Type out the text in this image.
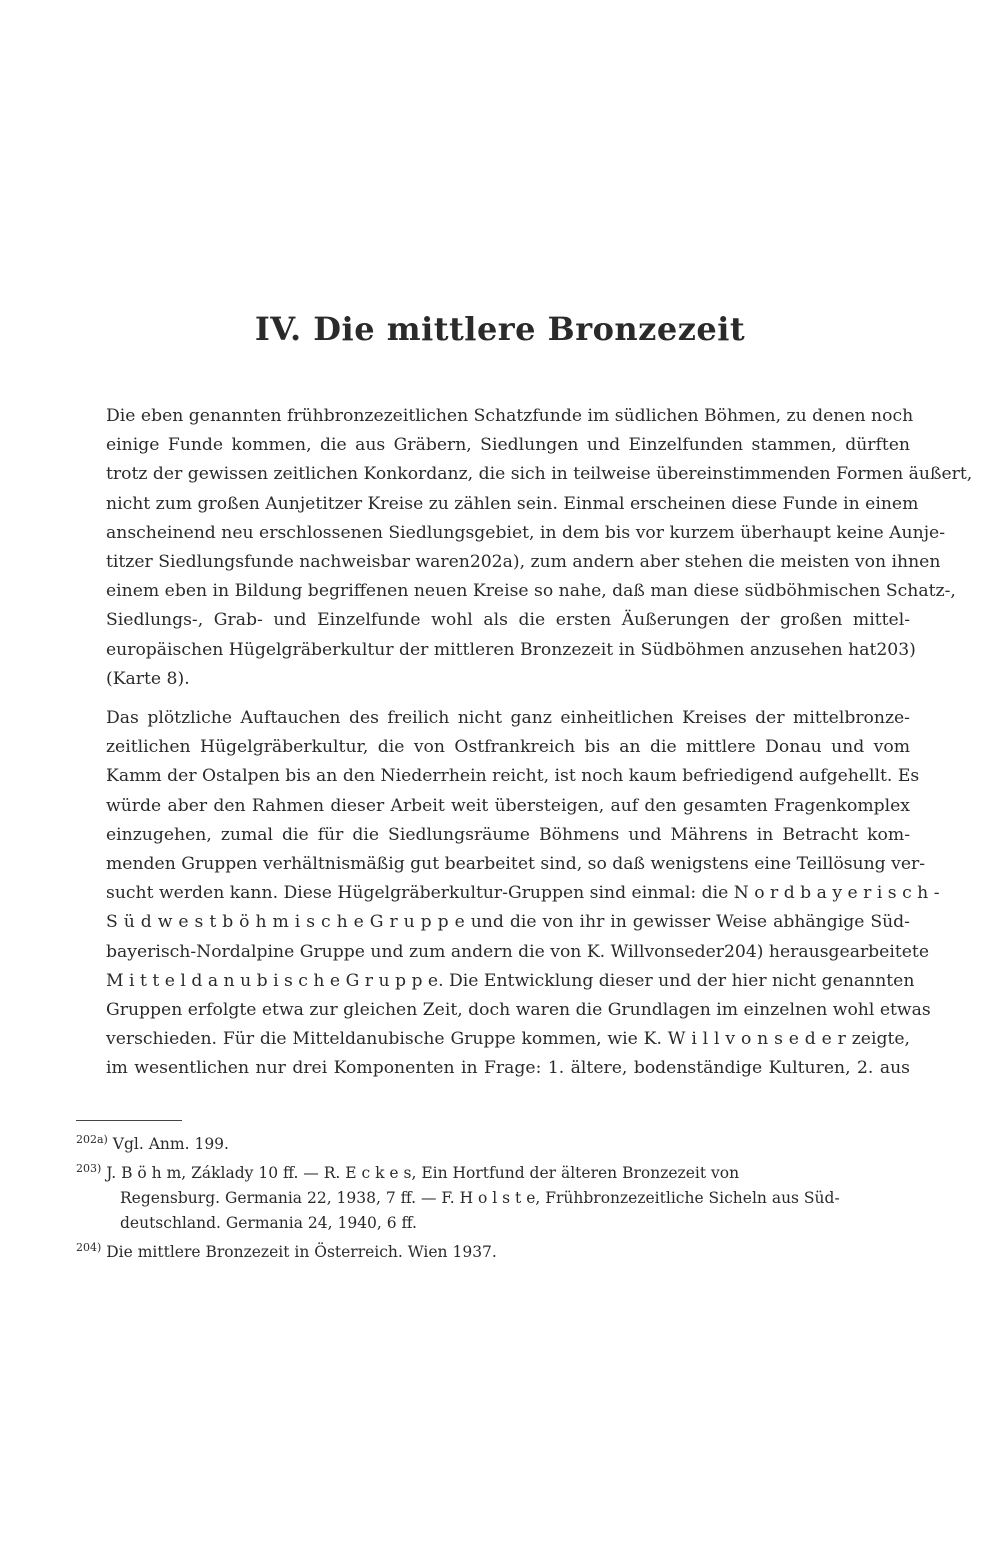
IV. Die mittlere Bronzezeit

Die eben genannten frühbronzezeitlichen Schatzfunde im südlichen Böhmen, zu denen noch
einige Funde kommen, die aus Gräbern, Siedlungen und Einzelfunden stammen, dürften
trotz der gewissen zeitlichen Konkordanz, die sich in teilweise übereinstimmenden Formen äußert,
nicht zum großen Aunjetitzer Kreise zu zählen sein. Einmal erscheinen diese Funde in einem
anscheinend neu erschlossenen Siedlungsgebiet, in dem bis vor kurzem überhaupt keine Aunje-
titzer Siedlungsfunde nachweisbar waren202a), zum andern aber stehen die meisten von ihnen
einem eben in Bildung begriffenen neuen Kreise so nahe, daß man diese südböhmischen Schatz-,
Siedlungs-, Grab- und Einzelfunde wohl als die ersten Äußerungen der großen mittel-
europäischen Hügelgräberkultur der mittleren Bronzezeit in Südböhmen anzusehen hat203)
(Karte 8).

Das plötzliche Auftauchen des freilich nicht ganz einheitlichen Kreises der mittelbronze-
zeitlichen Hügelgräberkultur, die von Ostfrankreich bis an die mittlere Donau und vom
Kamm der Ostalpen bis an den Niederrhein reicht, ist noch kaum befriedigend aufgehellt. Es
würde aber den Rahmen dieser Arbeit weit übersteigen, auf den gesamten Fragenkomplex
einzugehen, zumal die für die Siedlungsräume Böhmens und Mährens in Betracht kom-
menden Gruppen verhältnismäßig gut bearbeitet sind, so daß wenigstens eine Teillösung ver-
sucht werden kann. Diese Hügelgräberkultur-Gruppen sind einmal: die N o r d b a y e r i s c h -
S ü d w e s t b ö h m i s c h e G r u p p e und die von ihr in gewisser Weise abhängige Süd-
bayerisch-Nordalpine Gruppe und zum andern die von K. Willvonseder204) herausgearbeitete
M i t t e l d a n u b i s c h e G r u p p e. Die Entwicklung dieser und der hier nicht genannten
Gruppen erfolgte etwa zur gleichen Zeit, doch waren die Grundlagen im einzelnen wohl etwas
verschieden. Für die Mitteldanubische Gruppe kommen, wie K. W i l l v o n s e d e r zeigte,
im wesentlichen nur drei Komponenten in Frage: 1. ältere, bodenständige Kulturen, 2. aus

$^{202a)}$ Vgl. Anm. 199.
$^{203)}$ J. B ö h m, Základy 10 ff. — R. E c k e s, Ein Hortfund der älteren Bronzezeit von
Regensburg. Germania 22, 1938, 7 ff. — F. H o l s t e, Frühbronzezeitliche Sicheln aus Süd-
deutschland. Germania 24, 1940, 6 ff.
$^{204)}$ Die mittlere Bronzezeit in Österreich. Wien 1937.
